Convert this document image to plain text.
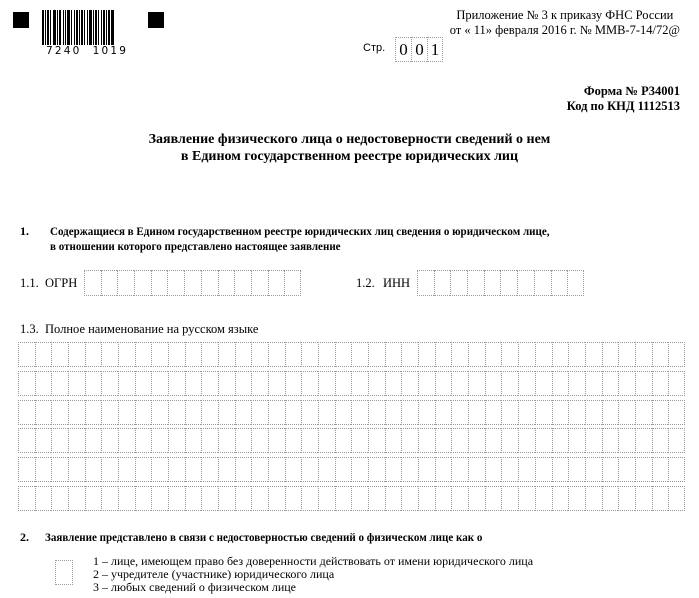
7240  1019
Приложение № 3 к приказу ФНС России
от « 11» февраля 2016 г. № ММВ-7-14/72@
Стр. 0 0 1
Форма № Р34001
Код по КНД 1112513
Заявление физического лица о недостоверности сведений о нем
в Едином государственном реестре юридических лиц
1. Содержащиеся в Едином государственном реестре юридических лиц сведения о юридическом лице,
в отношении которого представлено настоящее заявление
1.1. ОГРН	1.2. ИНН
1.3. Полное наименование на русском языке
2. Заявление представлено в связи с недостоверностью сведений о физическом лице как о
1 – лице, имеющем право без доверенности действовать от имени юридического лица
2 – учредителе (участнике) юридического лица
3 – любых сведений о физическом лице
